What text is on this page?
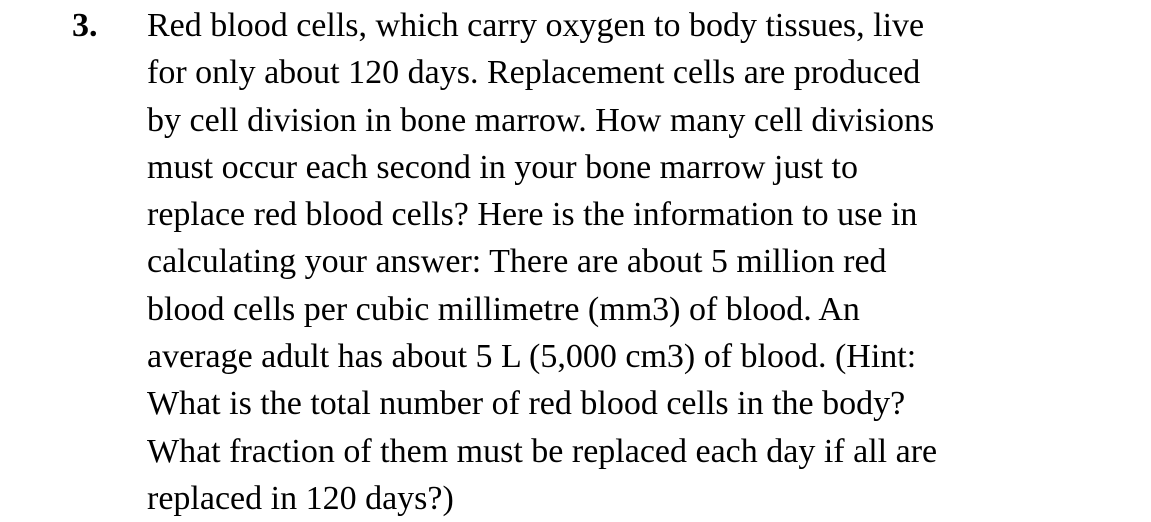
3. Red blood cells, which carry oxygen to body tissues, live
for only about 120 days. Replacement cells are produced
by cell division in bone marrow. How many cell divisions
must occur each second in your bone marrow just to
replace red blood cells? Here is the information to use in
calculating your answer: There are about 5 million red
blood cells per cubic millimetre (mm3) of blood. An
average adult has about 5 L (5,000 cm3) of blood. (Hint:
What is the total number of red blood cells in the body?
What fraction of them must be replaced each day if all are
replaced in 120 days?)
